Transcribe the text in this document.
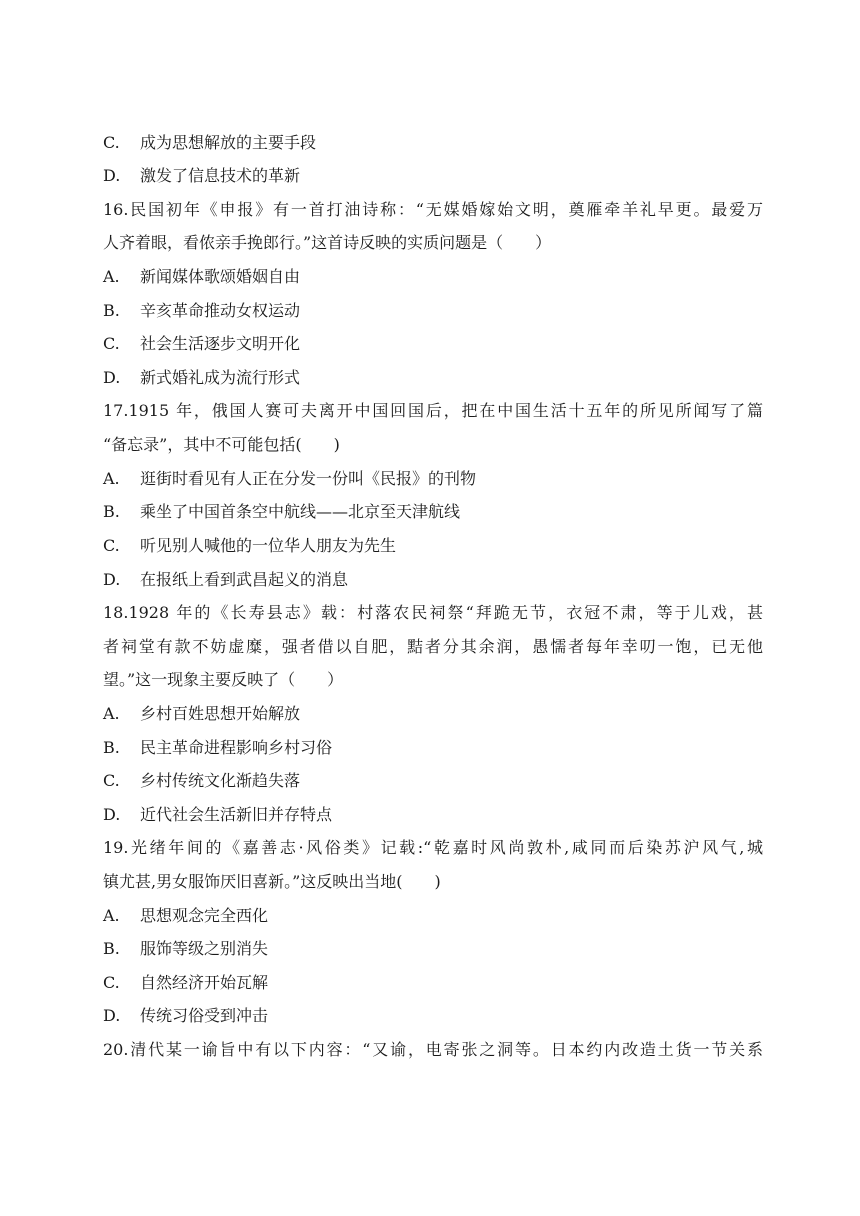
C. 成为思想解放的主要手段
D. 激发了信息技术的革新
16.民国初年《申报》有一首打油诗称：“无媒婚嫁始文明，奠雁牵羊礼早更。最爱万
人齐着眼，看侬亲手挽郎行。”这首诗反映的实质问题是（　　）
A. 新闻媒体歌颂婚姻自由
B. 辛亥革命推动女权运动
C. 社会生活逐步文明开化
D. 新式婚礼成为流行形式
17.1915 年，俄国人赛可夫离开中国回国后，把在中国生活十五年的所见所闻写了篇
“备忘录”，其中不可能包括(　　)
A. 逛街时看见有人正在分发一份叫《民报》的刊物
B. 乘坐了中国首条空中航线——北京至天津航线
C. 听见别人喊他的一位华人朋友为先生
D. 在报纸上看到武昌起义的消息
18.1928 年的《长寿县志》载：村落农民祠祭“拜跪无节，衣冠不肃，等于儿戏，甚
者祠堂有款不妨虚糜，强者借以自肥，黠者分其余润，愚懦者每年幸叨一饱，已无他
望。”这一现象主要反映了（　　）
A. 乡村百姓思想开始解放
B. 民主革命进程影响乡村习俗
C. 乡村传统文化渐趋失落
D. 近代社会生活新旧并存特点
19.光绪年间的《嘉善志·风俗类》记载:“乾嘉时风尚敦朴,咸同而后染苏沪风气,城
镇尤甚,男女服饰厌旧喜新。”这反映出当地(　　)
A. 思想观念完全西化
B. 服饰等级之别消失
C. 自然经济开始瓦解
D. 传统习俗受到冲击
20.清代某一谕旨中有以下内容：“又谕，电寄张之洞等。日本约内改造土货一节关系
